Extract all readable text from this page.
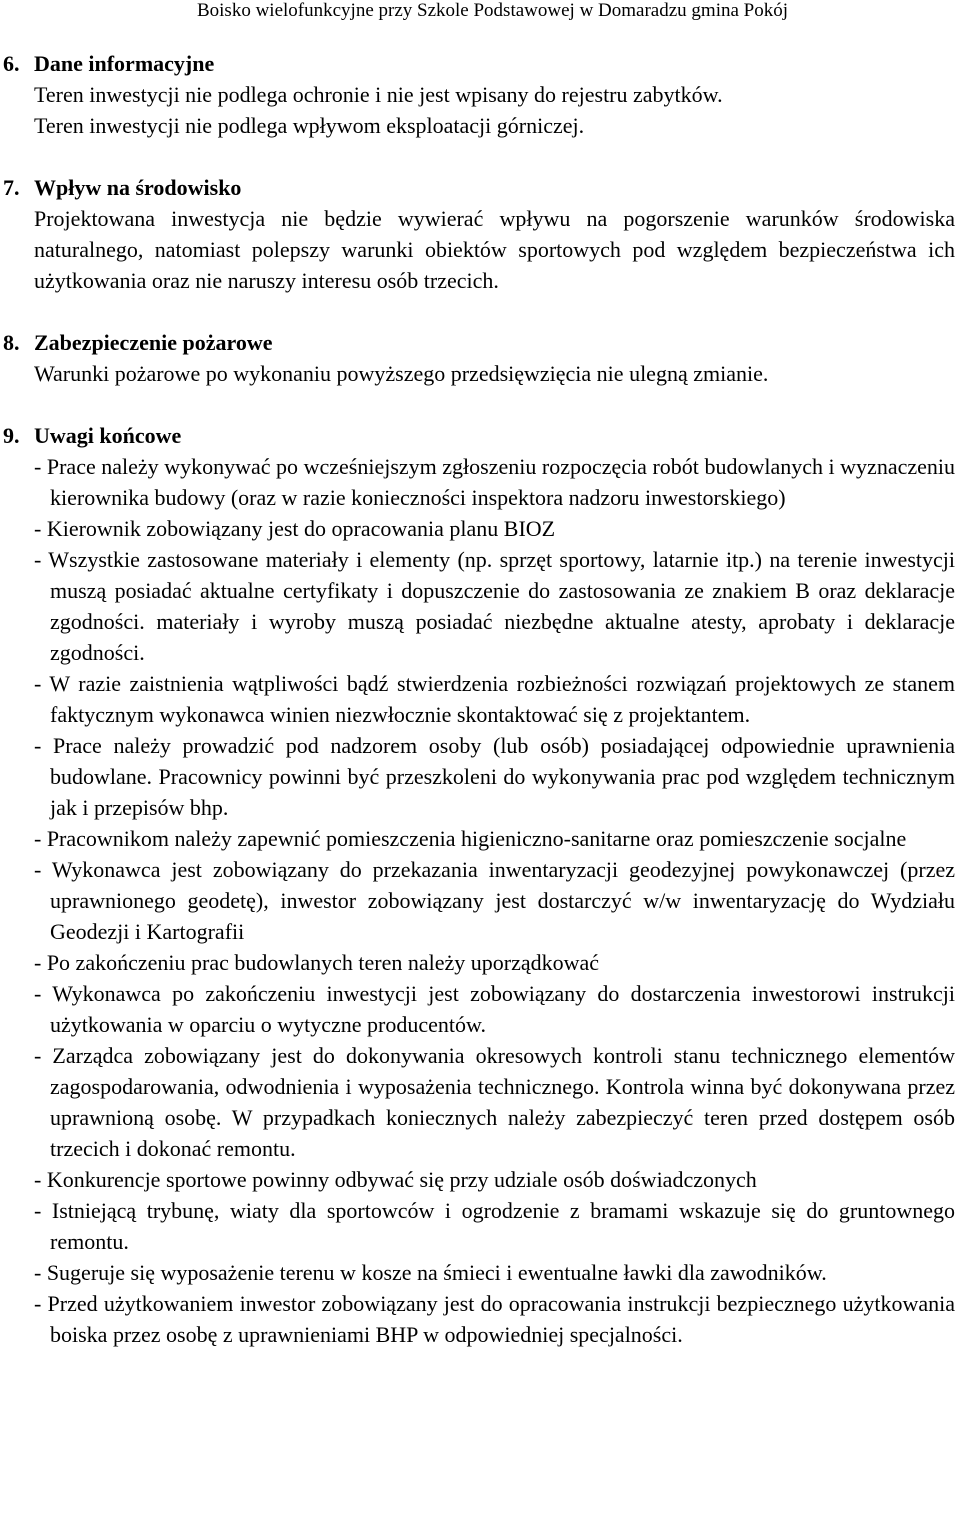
Boisko wielofunkcyjne przy Szkole Podstawowej w Domaradzu gmina Pokój
6. Dane informacyjne
Teren inwestycji nie podlega ochronie i nie jest wpisany do rejestru zabytków.
Teren inwestycji nie podlega wpływom eksploatacji górniczej.
7. Wpływ na środowisko
Projektowana inwestycja nie będzie wywierać wpływu na pogorszenie warunków środowiska naturalnego, natomiast polepszy warunki obiektów sportowych pod względem bezpieczeństwa ich użytkowania oraz nie naruszy interesu osób trzecich.
8. Zabezpieczenie pożarowe
Warunki pożarowe po wykonaniu powyższego przedsięwzięcia nie ulegną zmianie.
9. Uwagi końcowe
- Prace należy wykonywać po wcześniejszym zgłoszeniu rozpoczęcia robót budowlanych i wyznaczeniu kierownika budowy (oraz w razie konieczności inspektora nadzoru inwestorskiego)
- Kierownik zobowiązany jest do opracowania planu BIOZ
- Wszystkie zastosowane materiały i elementy (np. sprzęt sportowy, latarnie itp.) na terenie inwestycji muszą posiadać aktualne certyfikaty i dopuszczenie do zastosowania ze znakiem B oraz deklaracje zgodności. materiały i wyroby muszą posiadać niezbędne aktualne atesty, aprobaty i deklaracje zgodności.
- W razie zaistnienia wątpliwości bądź stwierdzenia rozbieżności rozwiązań projektowych ze stanem faktycznym wykonawca winien niezwłocznie skontaktować się z projektantem.
- Prace należy prowadzić pod nadzorem osoby (lub osób) posiadającej odpowiednie uprawnienia budowlane. Pracownicy powinni być przeszkoleni do wykonywania prac pod względem technicznym jak i przepisów bhp.
- Pracownikom należy zapewnić pomieszczenia higieniczno-sanitarne oraz pomieszczenie socjalne
- Wykonawca jest zobowiązany do przekazania inwentaryzacji geodezyjnej powykonawczej (przez uprawnionego geodetę), inwestor zobowiązany jest dostarczyć w/w inwentaryzację do Wydziału Geodezji i Kartografii
- Po zakończeniu prac budowlanych teren należy uporządkować
- Wykonawca po zakończeniu inwestycji jest zobowiązany do dostarczenia inwestorowi instrukcji użytkowania w oparciu o wytyczne producentów.
- Zarządca zobowiązany jest do dokonywania okresowych kontroli stanu technicznego elementów zagospodarowania, odwodnienia i wyposażenia technicznego. Kontrola winna być dokonywana przez uprawnioną osobę. W przypadkach koniecznych należy zabezpieczyć teren przed dostępem osób trzecich i dokonać remontu.
- Konkurencje sportowe powinny odbywać się przy udziale osób doświadczonych
- Istniejącą trybunę, wiaty dla sportowców i ogrodzenie z bramami wskazuje się do gruntownego remontu.
- Sugeruje się wyposażenie terenu w kosze na śmieci i ewentualne ławki dla zawodników.
- Przed użytkowaniem inwestor zobowiązany jest do opracowania instrukcji bezpiecznego użytkowania boiska przez osobę z uprawnieniami BHP w odpowiedniej specjalności.
